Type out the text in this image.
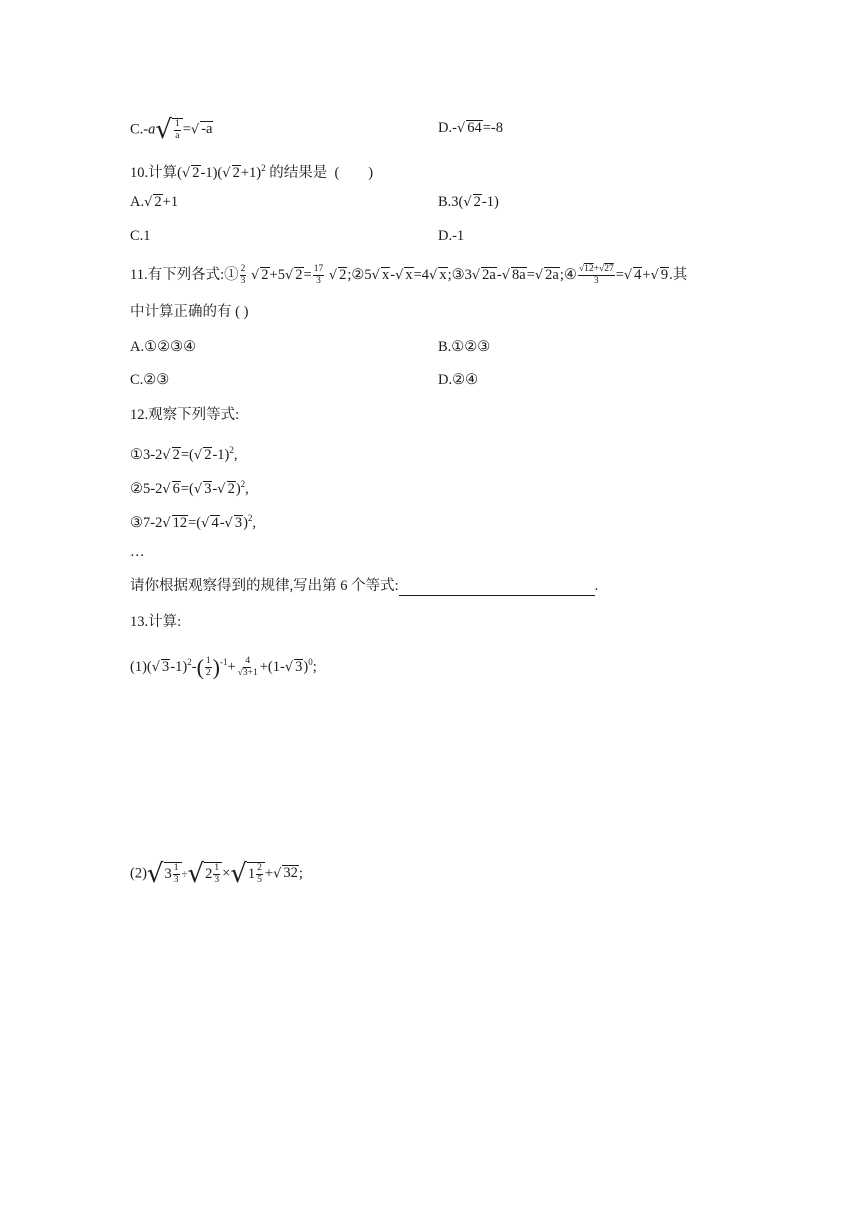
$C.-a√ \frac{1}{a}$ =√ -a	D.-√ 64=-8
10.计算(√ 2-1)(√ 2+1)$^2$ 的结果是  (        )
A.√ 2+1	B.3(√ 2-1)
C.1	D.-1
11.有下列各式:① $\frac{2}{3}$ √ 2+5√ $2= \frac{17}{3}$ √ 2;②5√ x-√ x=4√ x;③3√ 2a-√ 8a=√ 2a;④ $\frac{√12+√27}{3}$ =√ 4+√ 9.其
中计算正确的有 ( )
A.①②③④	B.①②③
C.②③	D.②④
12.观察下列等式:
①3-2√ 2=(√ 2-1)$^2$,
②5-2√ 6=(√ 3-√ 2)$^2$,
③7-2√ 12=(√ 4-√ 3)$^2$,
…
请你根据观察得到的规律,写出第 6 个等式:	.
13.计算:
(1)(√ $3-1)^2-( \frac{1}{2} )^{-1}+ \frac{4}{√3+1} +(1-√$ 3)$^0$;
$(2)√3 \frac{1}{3} \div√2 \frac{1}{3} \times√1 \frac{2}{5}$ +√ 32;
